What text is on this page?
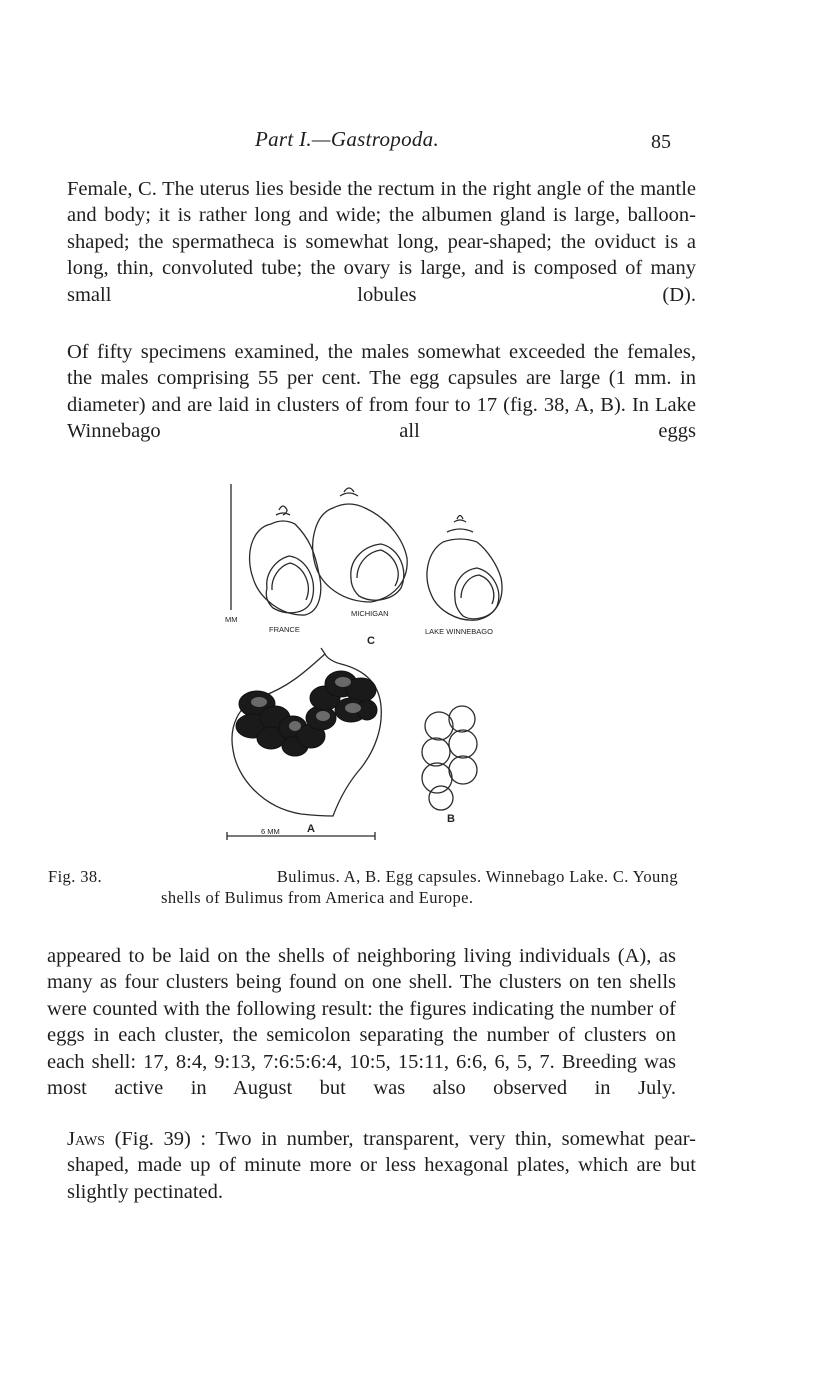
Part I.—Gastropoda.	85

Female, C. The uterus lies beside the rectum in the right angle of the mantle and body; it is rather long and wide; the albumen gland is large, balloon-shaped; the spermatheca is somewhat long, pear-shaped; the oviduct is a long, thin, convoluted tube; the ovary is large, and is composed of many small lobules (D).

Of fifty specimens examined, the males somewhat exceeded the females, the males comprising 55 per cent. The egg capsules are large (1 mm. in diameter) and are laid in clusters of from four to 17 (fig. 38, A, B). In Lake Winnebago all eggs

MM
FRANCE
MICHIGAN
LAKE WINNEBAGO
C
6 MM A
B
Fig. 38.	Bulimus. A, B. Egg capsules. Winnebago Lake. C. Young
shells of Bulimus from America and Europe.

appeared to be laid on the shells of neighboring living individuals (A), as many as four clusters being found on one shell. The clusters on ten shells were counted with the following result: the figures indicating the number of eggs in each cluster, the semicolon separating the number of clusters on each shell: 17, 8:4, 9:13, 7:6:5:6:4, 10:5, 15:11, 6:6, 6, 5, 7. Breeding was most active in August but was also observed in July.

Jaws (Fig. 39) : Two in number, transparent, very thin, somewhat pear-shaped, made up of minute more or less hexagonal plates, which are but slightly pectinated.
